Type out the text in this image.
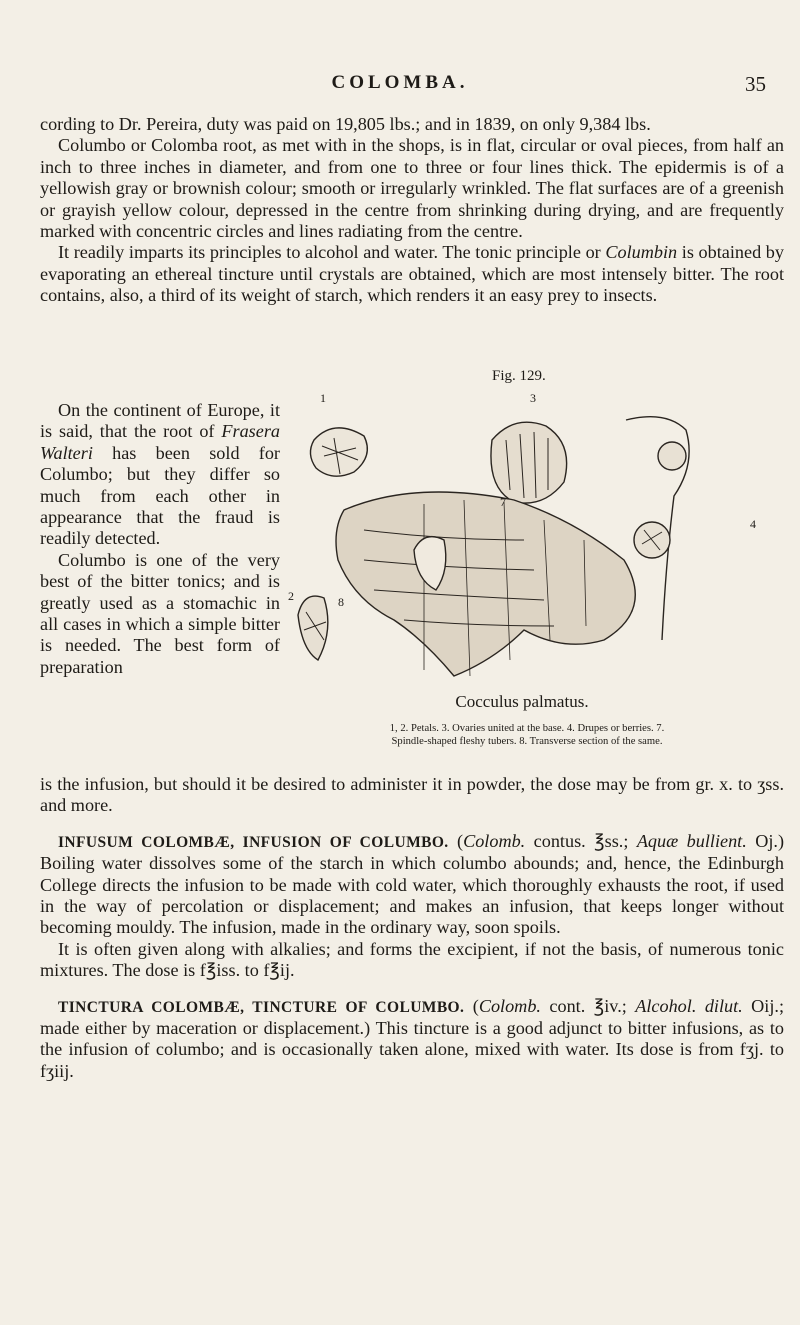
COLOMBA.	35

cording to Dr. Pereira, duty was paid on 19,805 lbs.; and in 1839, on only 9,384 lbs.

Columbo or Colomba root, as met with in the shops, is in flat, circular or oval pieces, from half an inch to three inches in diameter, and from one to three or four lines thick. The epidermis is of a yellowish gray or brownish colour; smooth or irregularly wrinkled. The flat surfaces are of a greenish or grayish yellow colour, depressed in the centre from shrinking during drying, and are frequently marked with concentric circles and lines radiating from the centre.

It readily imparts its principles to alcohol and water. The tonic principle or Columbin is obtained by evaporating an ethereal tincture until crystals are obtained, which are most intensely bitter. The root contains, also, a third of its weight of starch, which renders it an easy prey to insects.

On the continent of Europe, it is said, that the root of Frasera Walteri has been sold for Columbo; but they differ so much from each other in appearance that the fraud is readily detected.

Columbo is one of the very best of the bitter tonics; and is greatly used as a stomachic in all cases in which a simple bitter is needed. The best form of preparation

Fig. 129.
1
2
3
4
7
8
Cocculus palmatus.
1, 2. Petals. 3. Ovaries united at the base. 4. Drupes or berries. 7.
Spindle-shaped fleshy tubers. 8. Transverse section of the same.

is the infusion, but should it be desired to administer it in powder, the dose may be from gr. x. to ʒss. and more.

INFUSUM COLOMBÆ, INFUSION OF COLUMBO. (Colomb. contus. ℥ss.; Aquæ bullient. Oj.) Boiling water dissolves some of the starch in which columbo abounds; and, hence, the Edinburgh College directs the infusion to be made with cold water, which thoroughly exhausts the root, if used in the way of percolation or displacement; and makes an infusion, that keeps longer without becoming mouldy. The infusion, made in the ordinary way, soon spoils.

It is often given along with alkalies; and forms the excipient, if not the basis, of numerous tonic mixtures. The dose is f℥iss. to f℥ij.

TINCTURA COLOMBÆ, TINCTURE OF COLUMBO. (Colomb. cont. ℥iv.; Alcohol. dilut. Oij.; made either by maceration or displacement.) This tincture is a good adjunct to bitter infusions, as to the infusion of columbo; and is occasionally taken alone, mixed with water. Its dose is from fʒj. to fʒiij.
